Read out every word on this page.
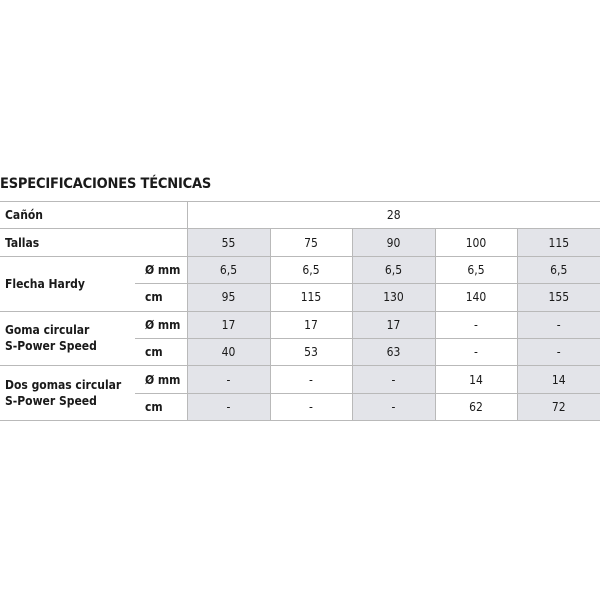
ESPECIFICACIONES TÉCNICAS
Cañón		28				
Tallas		55	75	90	100	115
Flecha Hardy	Ø mm	6,5	6,5	6,5	6,5	6,5
	cm	95	115	130	140	155
Goma circular
S-Power Speed	Ø mm	17	17	17	-	-
	cm	40	53	63	-	-
Dos gomas circular
S-Power Speed	Ø mm	-	-	-	14	14
	cm	-	-	-	62	72
